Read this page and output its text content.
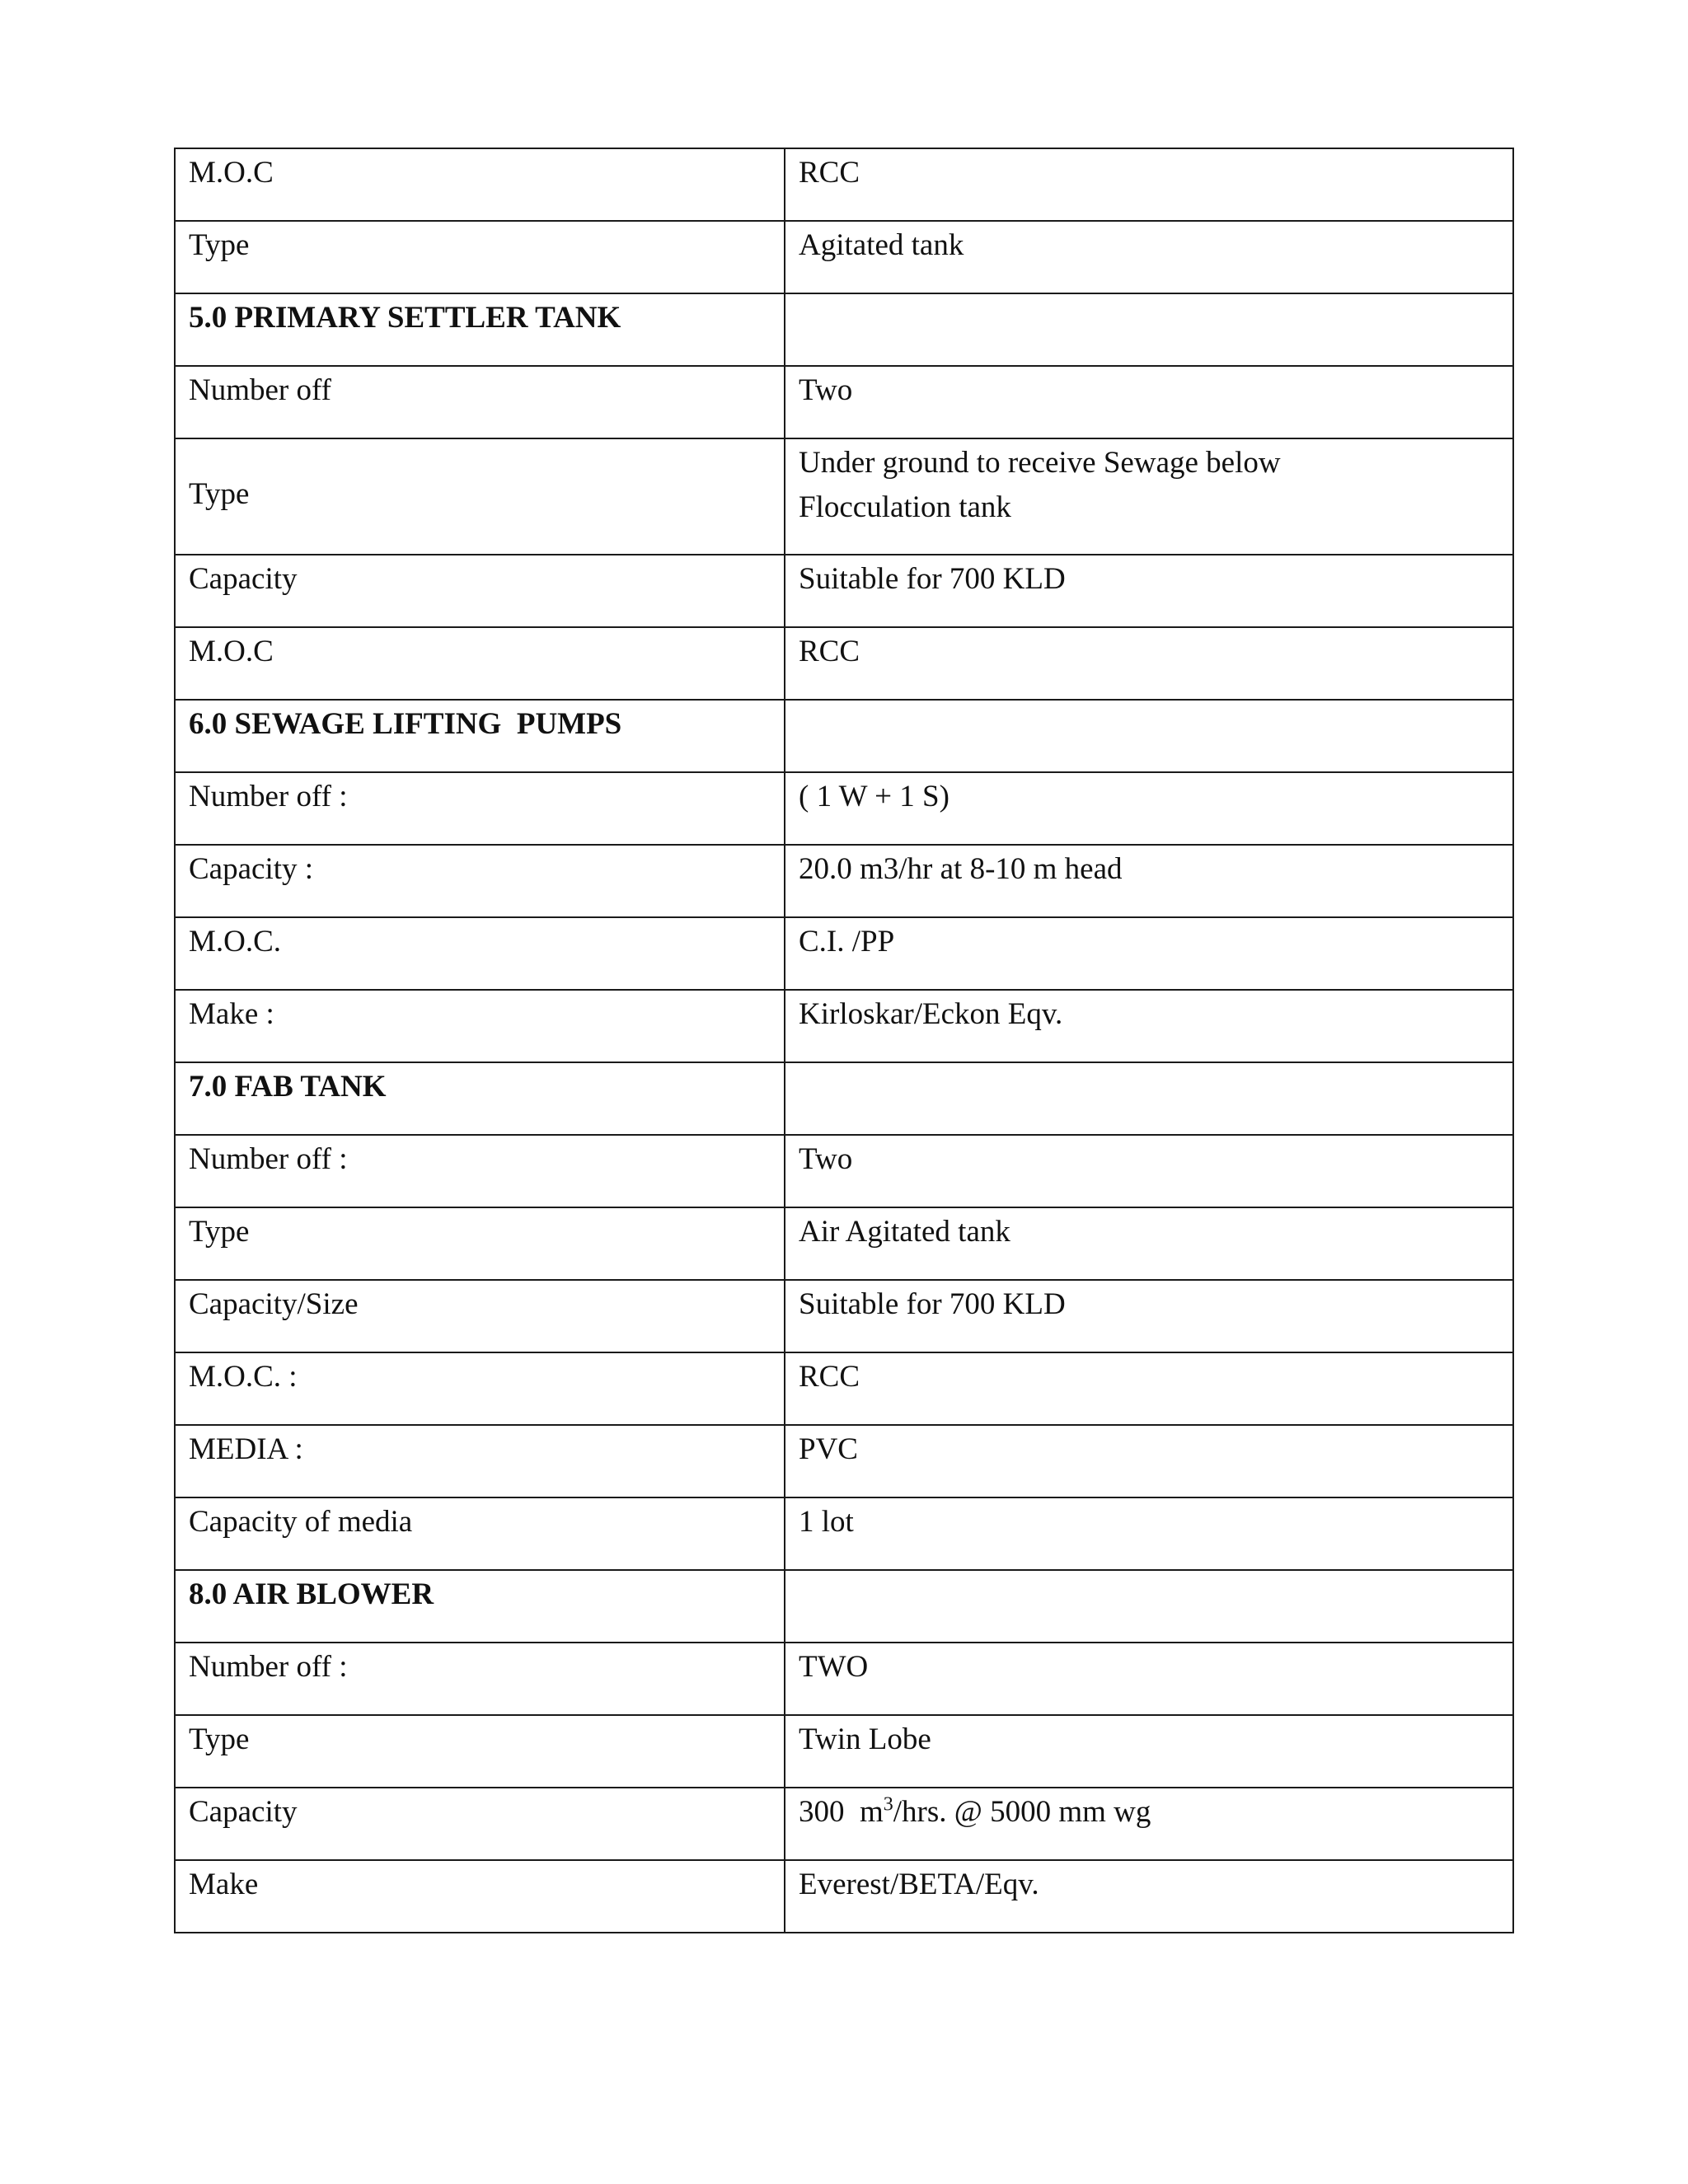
M.O.C	RCC
Type	Agitated tank
5.0 PRIMARY SETTLER TANK	
Number off	Two
Type	Under ground to receive Sewage below
Flocculation tank
Capacity	Suitable for 700 KLD
M.O.C	RCC
6.0 SEWAGE LIFTING  PUMPS	
Number off :	( 1 W + 1 S)
Capacity :	20.0 m3/hr at 8-10 m head
M.O.C.	C.I. /PP
Make :	Kirloskar/Eckon Eqv.
7.0 FAB TANK	
Number off :	Two
Type	Air Agitated tank
Capacity/Size	Suitable for 700 KLD
M.O.C. :	RCC
MEDIA :	PVC
Capacity of media	1 lot
8.0 AIR BLOWER	
Number off :	TWO
Type	Twin Lobe
Capacity	300  $m^3$/hrs. @ 5000 mm wg
Make	Everest/BETA/Eqv.
